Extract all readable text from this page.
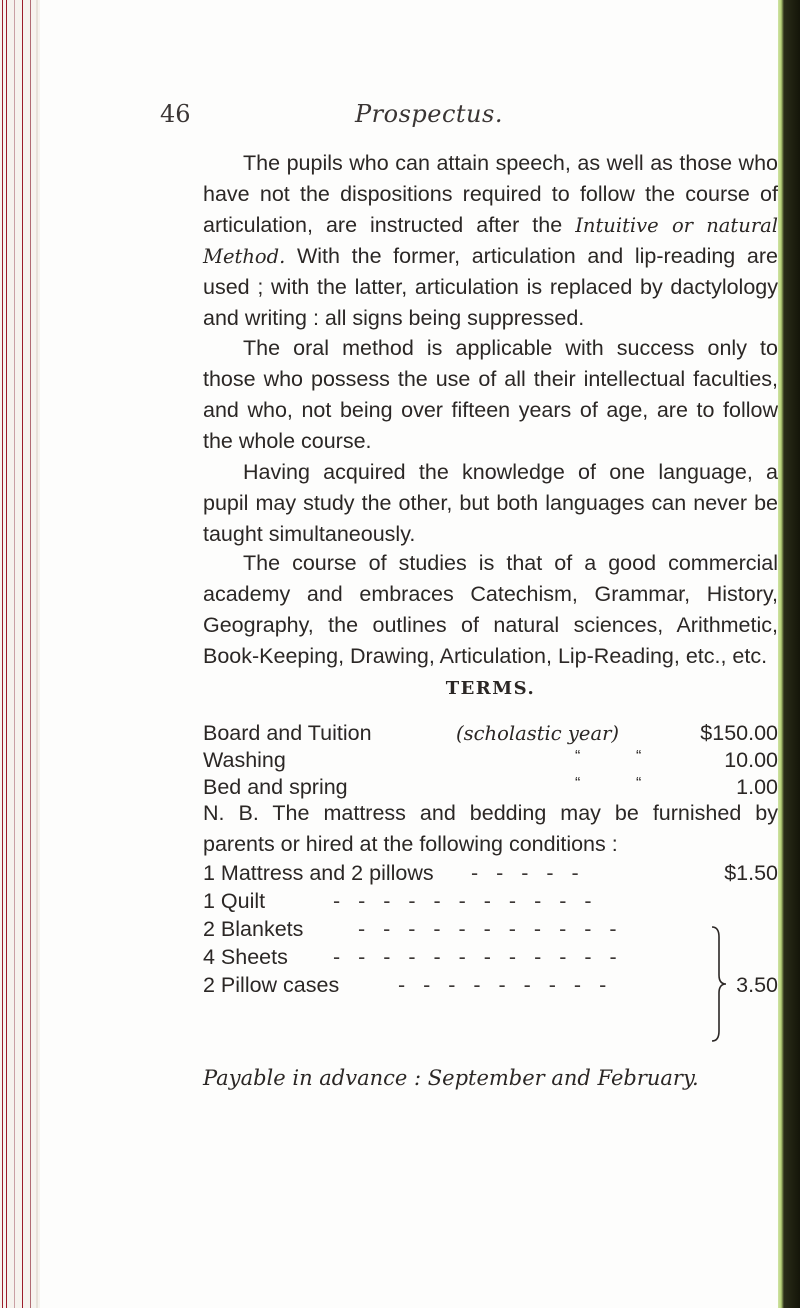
46	Prospectus.

The pupils who can attain speech, as well as those who have not the dispositions required to follow the course of articulation, are instructed after the Intuitive or natural Method. With the former, articulation and lip-reading are used ; with the latter, articulation is replaced by dactylology and writing : all signs being suppressed.

The oral method is applicable with success only to those who possess the use of all their intellectual faculties, and who, not being over fifteen years of age, are to follow the whole course.

Having acquired the knowledge of one language, a pupil may study the other, but both languages can never be taught simultaneously.

The course of studies is that of a good commercial academy and embraces Catechism, Grammar, History, Geography, the outlines of natural sciences, Arithmetic, Book-Keeping, Drawing, Articulation, Lip-Reading, etc., etc.

TERMS.
Board and Tuition	(scholastic year)	$150.00
Washing	“	“	10.00
Bed and spring	“	“	1.00

N. B. The mattress and bedding may be furnished by parents or hired at the following conditions :

1 Mattress and 2 pillows - - - - -	$1.50
1 Quilt	- - - - - - - - - - -
2 Blankets	- - - - - - - - - - -
4 Sheets - - - - - - - - - - - -
2 Pillow cases	- - - - - - - - -	3.50
Payable in advance : September and February.
